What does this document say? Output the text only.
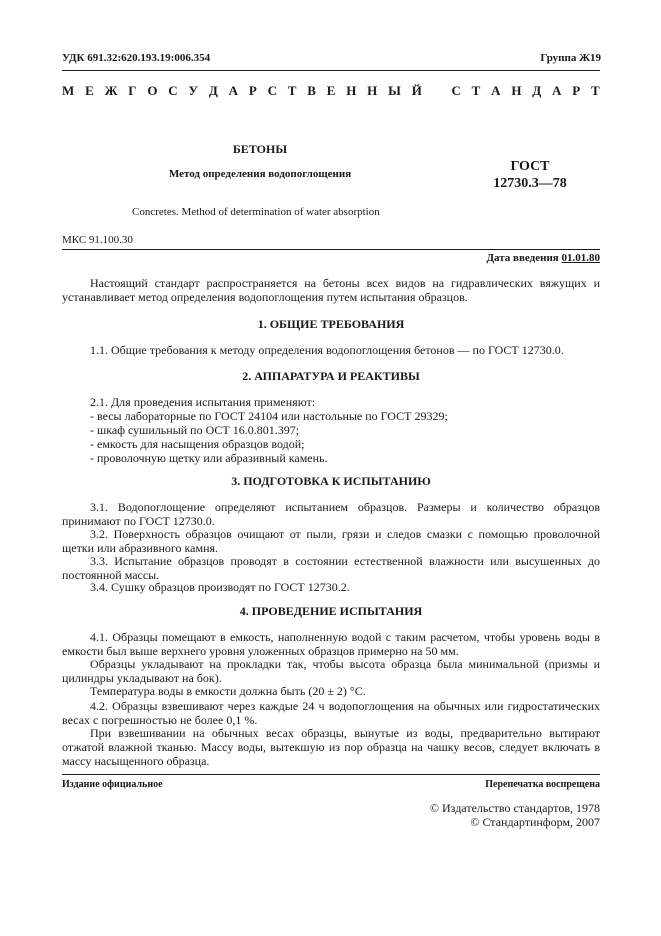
УДК 691.32:620.193.19:006.354	Группа Ж19
М Е Ж Г О С У Д А Р С Т В Е Н Н Ы Й С Т А Н Д А Р Т
БЕТОНЫ
Метод определения водопоглощения	ГОСТ
12730.3—78
Concretes. Method of determination of water absorption
МКС 91.100.30
Дата введения 01.01.80
Настоящий стандарт распространяется на бетоны всех видов на гидравлических вяжущих и устанавливает метод определения водопоглощения путем испытания образцов.
1. ОБЩИЕ ТРЕБОВАНИЯ
1.1. Общие требования к методу определения водопоглощения бетонов — по ГОСТ 12730.0.
2. АППАРАТУРА И РЕАКТИВЫ
2.1. Для проведения испытания применяют:
- весы лабораторные по ГОСТ 24104 или настольные по ГОСТ 29329;
- шкаф сушильный по ОСТ 16.0.801.397;
- емкость для насыщения образцов водой;
- проволочную щетку или абразивный камень.
3. ПОДГОТОВКА К ИСПЫТАНИЮ
3.1. Водопоглощение определяют испытанием образцов. Размеры и количество образцов принимают по ГОСТ 12730.0.
3.2. Поверхность образцов очищают от пыли, грязи и следов смазки с помощью проволочной щетки или абразивного камня.
3.3. Испытание образцов проводят в состоянии естественной влажности или высушенных до постоянной массы.
3.4. Сушку образцов производят по ГОСТ 12730.2.
4. ПРОВЕДЕНИЕ ИСПЫТАНИЯ
4.1. Образцы помещают в емкость, наполненную водой с таким расчетом, чтобы уровень воды в емкости был выше верхнего уровня уложенных образцов примерно на 50 мм.
Образцы укладывают на прокладки так, чтобы высота образца была минимальной (призмы и цилиндры укладывают на бок).
Температура воды в емкости должна быть (20 ± 2) °С.
4.2. Образцы взвешивают через каждые 24 ч водопоглощения на обычных или гидростатических весах с погрешностью не более 0,1 %.
При взвешивании на обычных весах образцы, вынутые из воды, предварительно вытирают отжатой влажной тканью. Массу воды, вытекшую из пор образца на чашку весов, следует включать в массу насыщенного образца.
Издание официальное	Перепечатка воспрещена
© Издательство стандартов, 1978
© Стандартинформ, 2007
